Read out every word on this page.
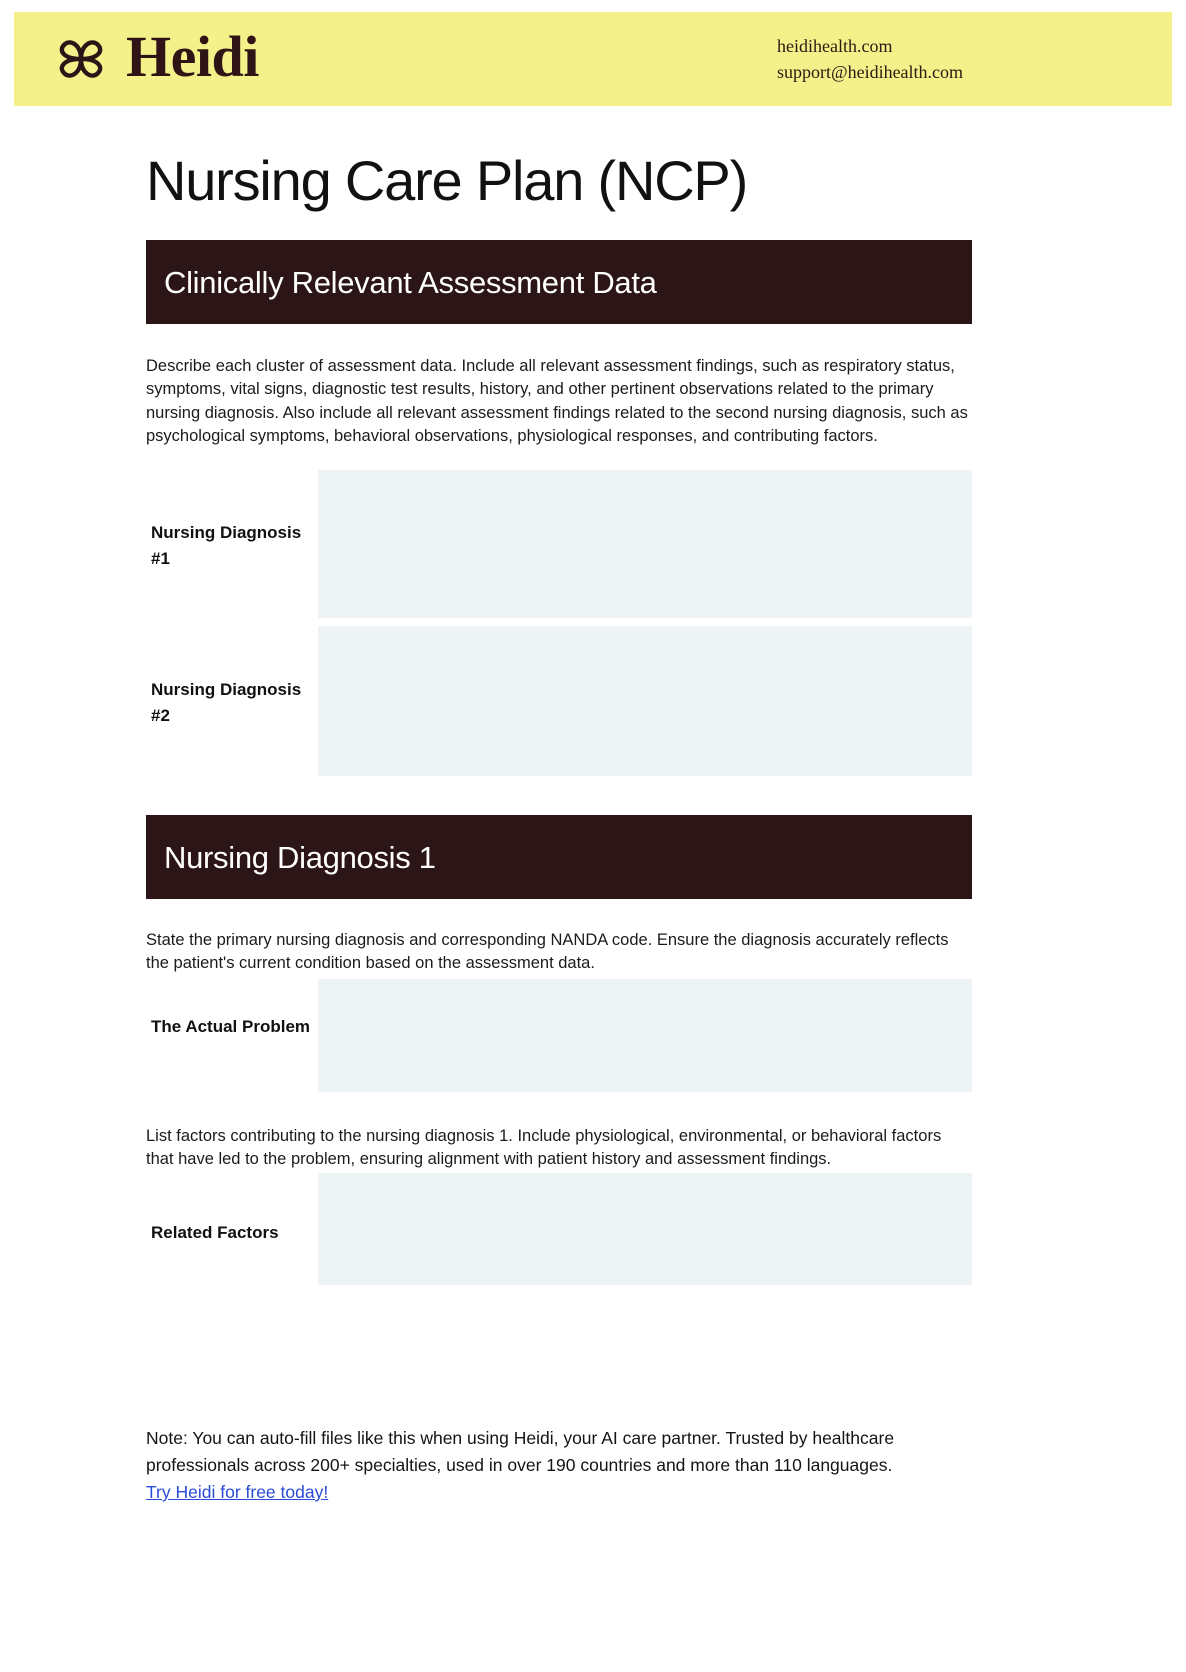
Heidi	heidihealth.com
support@heidihealth.com
Nursing Care Plan (NCP)
Clinically Relevant Assessment Data
Describe each cluster of assessment data. Include all relevant assessment findings, such as respiratory status, symptoms, vital signs, diagnostic test results, history, and other pertinent observations related to the primary nursing diagnosis. Also include all relevant assessment findings related to the second nursing diagnosis, such as psychological symptoms, behavioral observations, physiological responses, and contributing factors.
Nursing Diagnosis #1
Nursing Diagnosis #2
Nursing Diagnosis 1
State the primary nursing diagnosis and corresponding NANDA code. Ensure the diagnosis accurately reflects the patient's current condition based on the assessment data.
The Actual Problem
List factors contributing to the nursing diagnosis 1. Include physiological, environmental, or behavioral factors that have led to the problem, ensuring alignment with patient history and assessment findings.
Related Factors
Note: You can auto-fill files like this when using Heidi, your AI care partner. Trusted by healthcare professionals across 200+ specialties, used in over 190 countries and more than 110 languages.
Try Heidi for free today!
